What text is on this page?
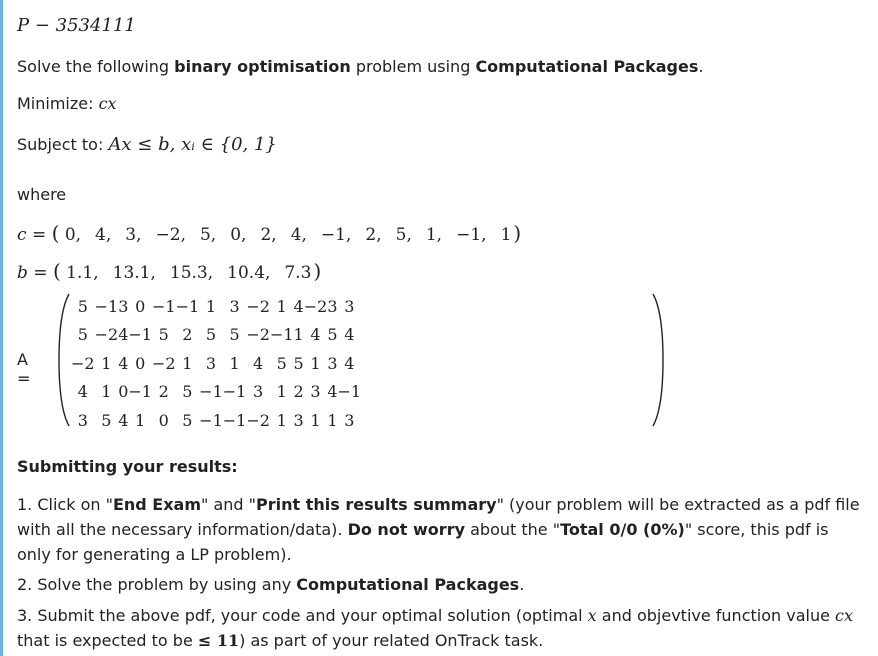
P − 3534111
Solve the following binary optimisation problem using Computational Packages.
Minimize: cx
Subject to: Ax ≤ b, xᵢ ∈ {0, 1}
where
c = ( 0, 4, 3, −2, 5, 0, 2, 4, −1, 2, 5, 1, −1, 1 )
b = ( 1.1, 13.1, 15.3, 10.4, 7.3 )
A =
5	−1	3	0	−1	−1	1	3	−2	1	4	−2	3	3
5	−2	4	−1	5	2	5	5	−2	−1	1	4	5	4
−2	1	4	0	−2	1	3	1	4	5	5	1	3	4
4	1	0	−1	2	5	−1	−1	3	1	2	3	4	−1
3	5	4	1	0	5	−1	−1	−2	1	3	1	1	3
Submitting your results:
1. Click on "End Exam" and "Print this results summary" (your problem will be extracted as a pdf file with all the necessary information/data). Do not worry about the "Total 0/0 (0%)" score, this pdf is only for generating a LP problem).
2. Solve the problem by using any Computational Packages.
3. Submit the above pdf, your code and your optimal solution (optimal x and objevtive function value cx that is expected to be ≤ 11) as part of your related OnTrack task.
